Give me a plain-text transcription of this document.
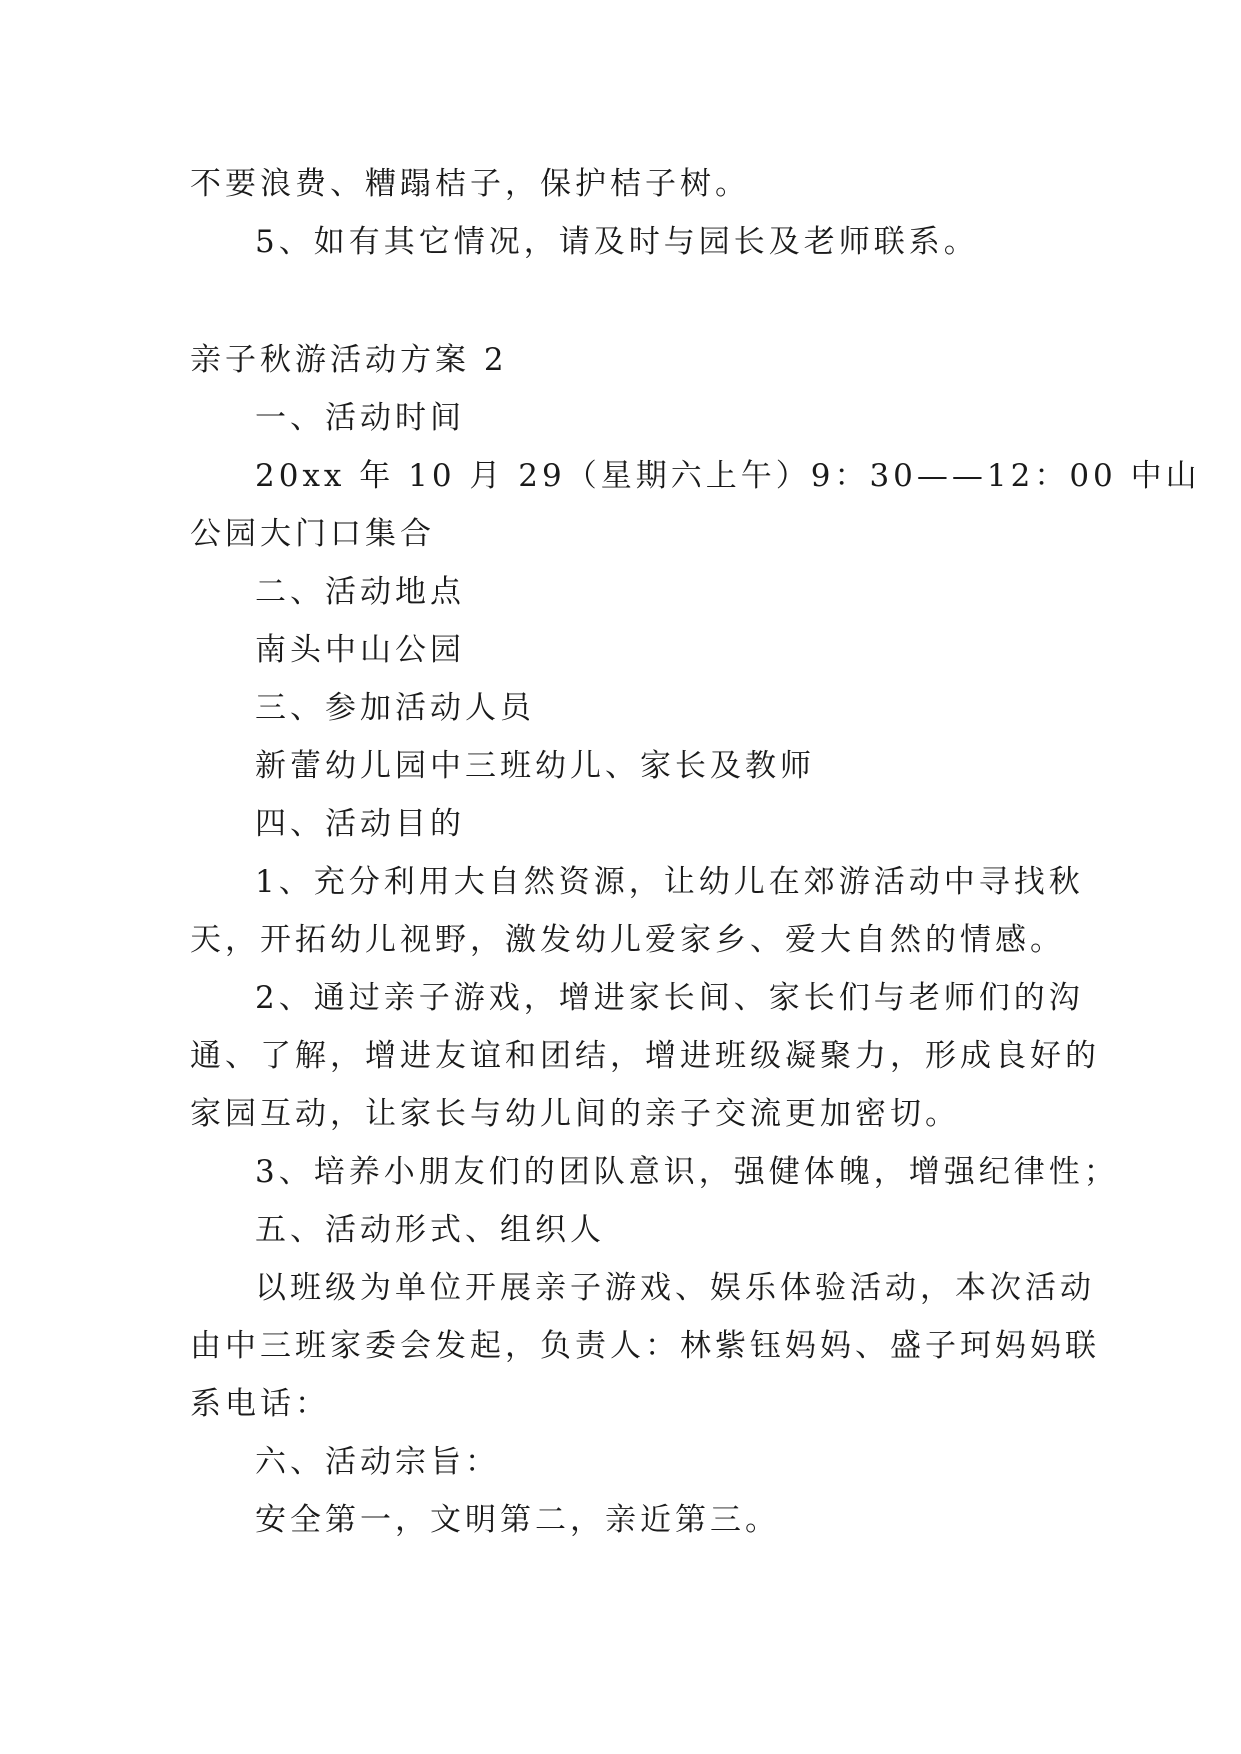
不要浪费、糟蹋桔子，保护桔子树。
5、如有其它情况，请及时与园长及老师联系。
亲子秋游活动方案 2
一、活动时间
20xx 年 10 月 29（星期六上午）9：30——12：00 中山
公园大门口集合
二、活动地点
南头中山公园
三、参加活动人员
新蕾幼儿园中三班幼儿、家长及教师
四、活动目的
1、充分利用大自然资源，让幼儿在郊游活动中寻找秋
天，开拓幼儿视野，激发幼儿爱家乡、爱大自然的情感。
2、通过亲子游戏，增进家长间、家长们与老师们的沟
通、了解，增进友谊和团结，增进班级凝聚力，形成良好的
家园互动，让家长与幼儿间的亲子交流更加密切。
3、培养小朋友们的团队意识，强健体魄，增强纪律性；
五、活动形式、组织人
以班级为单位开展亲子游戏、娱乐体验活动，本次活动
由中三班家委会发起，负责人：林紫钰妈妈、盛子珂妈妈联
系电话：
六、活动宗旨：
安全第一，文明第二，亲近第三。
